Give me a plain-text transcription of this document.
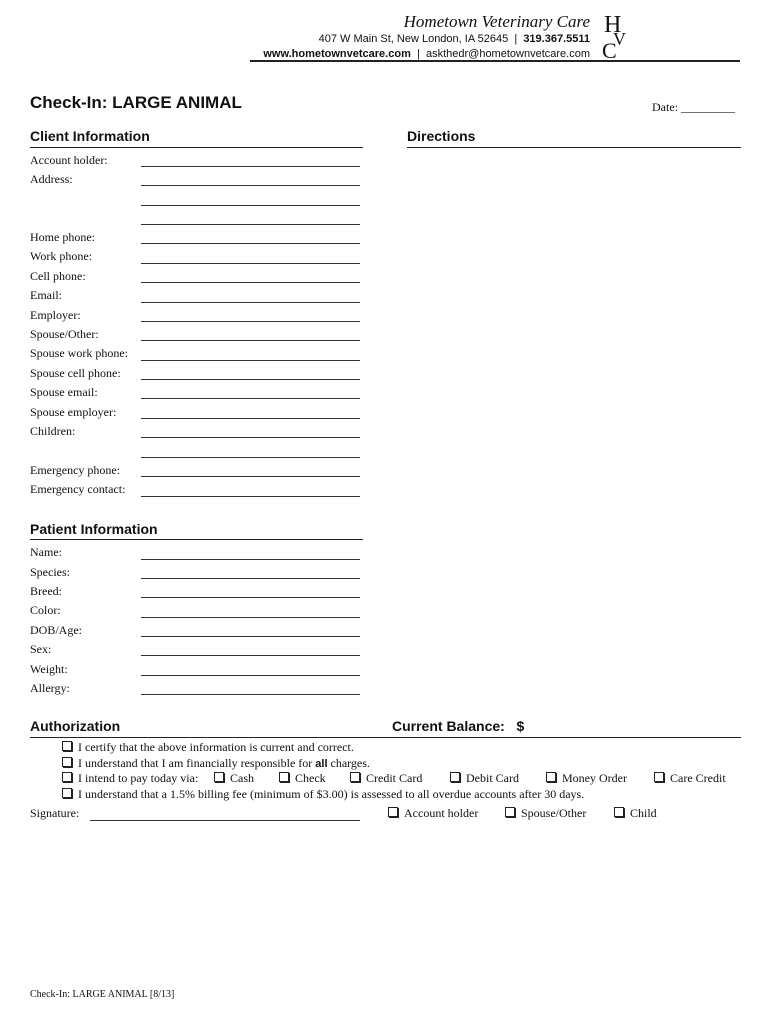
Hometown Veterinary Care
407 W Main St, New London, IA 52645 | 319.367.5511
www.hometownvetcare.com | askthedr@hometownvetcare.com
H
V
C
Check-In: LARGE ANIMAL	Date: _________
Client Information
Account holder:
Address:
Home phone:
Work phone:
Cell phone:
Email:
Employer:
Spouse/Other:
Spouse work phone:
Spouse cell phone:
Spouse email:
Spouse employer:
Children:
Emergency phone:
Emergency contact:
Directions
Patient Information
Name:
Species:
Breed:
Color:
DOB/Age:
Sex:
Weight:
Allergy:
Authorization	Current Balance: $
I certify that the above information is current and correct.
I understand that I am financially responsible for all charges.
I intend to pay today via:	Cash	Check	Credit Card	Debit Card	Money Order	Care Credit
I understand that a 1.5% billing fee (minimum of $3.00) is assessed to all overdue accounts after 30 days.
Signature:	Account holder	Spouse/Other	Child
Check-In: LARGE ANIMAL [8/13]
